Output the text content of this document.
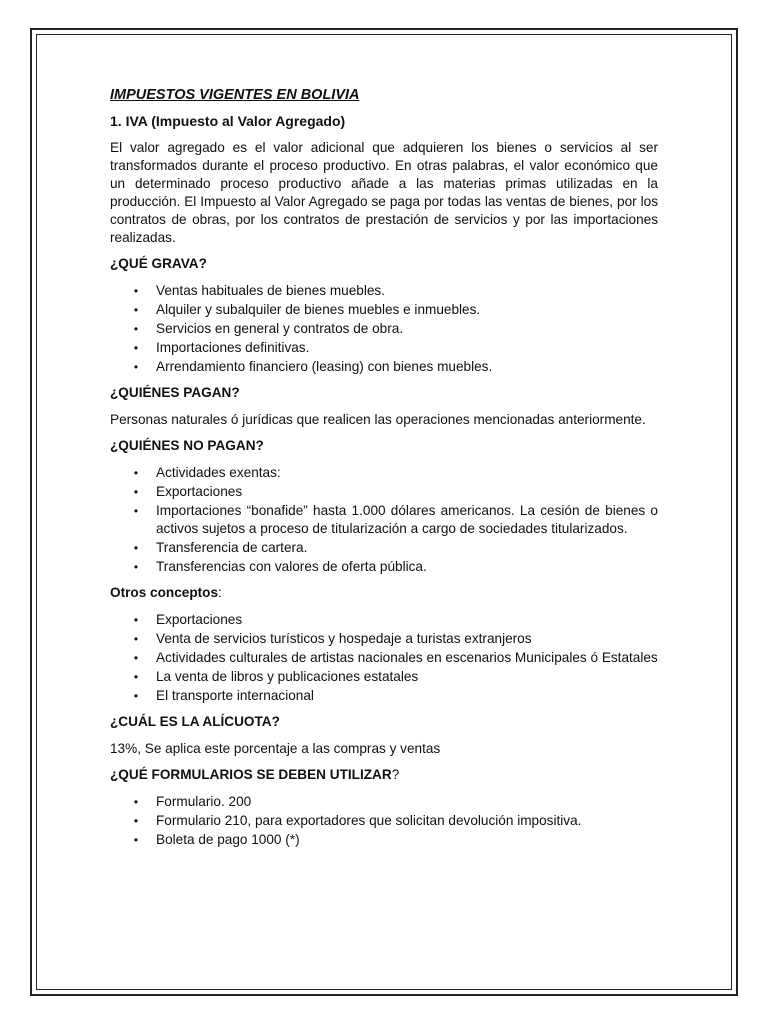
IMPUESTOS VIGENTES EN BOLIVIA
1. IVA (Impuesto al Valor Agregado)

El valor agregado es el valor adicional que adquieren los bienes o servicios al ser transformados durante el proceso productivo. En otras palabras, el valor económico que un determinado proceso productivo añade a las materias primas utilizadas en la producción. El Impuesto al Valor Agregado se paga por todas las ventas de bienes, por los contratos de obras, por los contratos de prestación de servicios y por las importaciones realizadas.

¿QUÉ GRAVA?
• Ventas habituales de bienes muebles.
• Alquiler y subalquiler de bienes muebles e inmuebles.
• Servicios en general y contratos de obra.
• Importaciones definitivas.
• Arrendamiento financiero (leasing) con bienes muebles.
¿QUIÉNES PAGAN?

Personas naturales ó jurídicas que realicen las operaciones mencionadas anteriormente.

¿QUIÉNES NO PAGAN?
• Actividades exentas:
• Exportaciones
• Importaciones “bonafide” hasta 1.000 dólares americanos. La cesión de bienes o activos sujetos a proceso de titularización a cargo de sociedades titularizados.
• Transferencia de cartera.
• Transferencias con valores de oferta pública.
Otros conceptos:
• Exportaciones
• Venta de servicios turísticos y hospedaje a turistas extranjeros
• Actividades culturales de artistas nacionales en escenarios Municipales ó Estatales
• La venta de libros y publicaciones estatales
• El transporte internacional
¿CUÁL ES LA ALÍCUOTA?

13%, Se aplica este porcentaje a las compras y ventas

¿QUÉ FORMULARIOS SE DEBEN UTILIZAR?
• Formulario. 200
• Formulario 210, para exportadores que solicitan devolución impositiva.
• Boleta de pago 1000 (*)
